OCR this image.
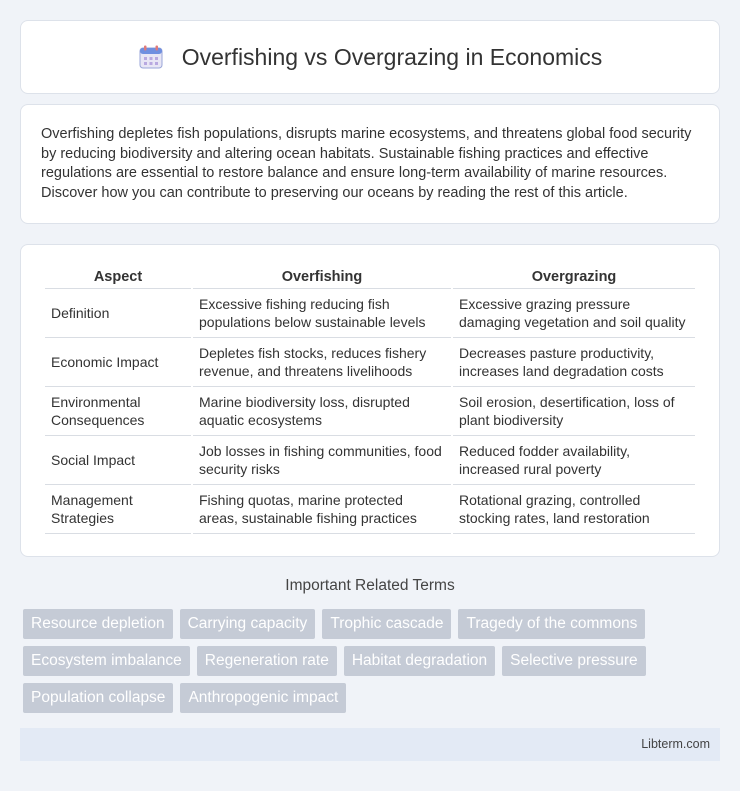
Overfishing vs Overgrazing in Economics

Overfishing depletes fish populations, disrupts marine ecosystems, and threatens global food security by reducing biodiversity and altering ocean habitats. Sustainable fishing practices and effective regulations are essential to restore balance and ensure long-term availability of marine resources. Discover how you can contribute to preserving our oceans by reading the rest of this article.

Aspect	Overfishing	Overgrazing
Definition	Excessive fishing reducing fish populations below sustainable levels	Excessive grazing pressure damaging vegetation and soil quality
Economic Impact	Depletes fish stocks, reduces fishery revenue, and threatens livelihoods	Decreases pasture productivity, increases land degradation costs
Environmental Consequences	Marine biodiversity loss, disrupted aquatic ecosystems	Soil erosion, desertification, loss of plant biodiversity
Social Impact	Job losses in fishing communities, food security risks	Reduced fodder availability, increased rural poverty
Management Strategies	Fishing quotas, marine protected areas, sustainable fishing practices	Rotational grazing, controlled stocking rates, land restoration
Important Related Terms
Resource depletion	Carrying capacity	Trophic cascade	Tragedy of the commons
Ecosystem imbalance	Regeneration rate	Habitat degradation	Selective pressure
Population collapse	Anthropogenic impact
Libterm.com
